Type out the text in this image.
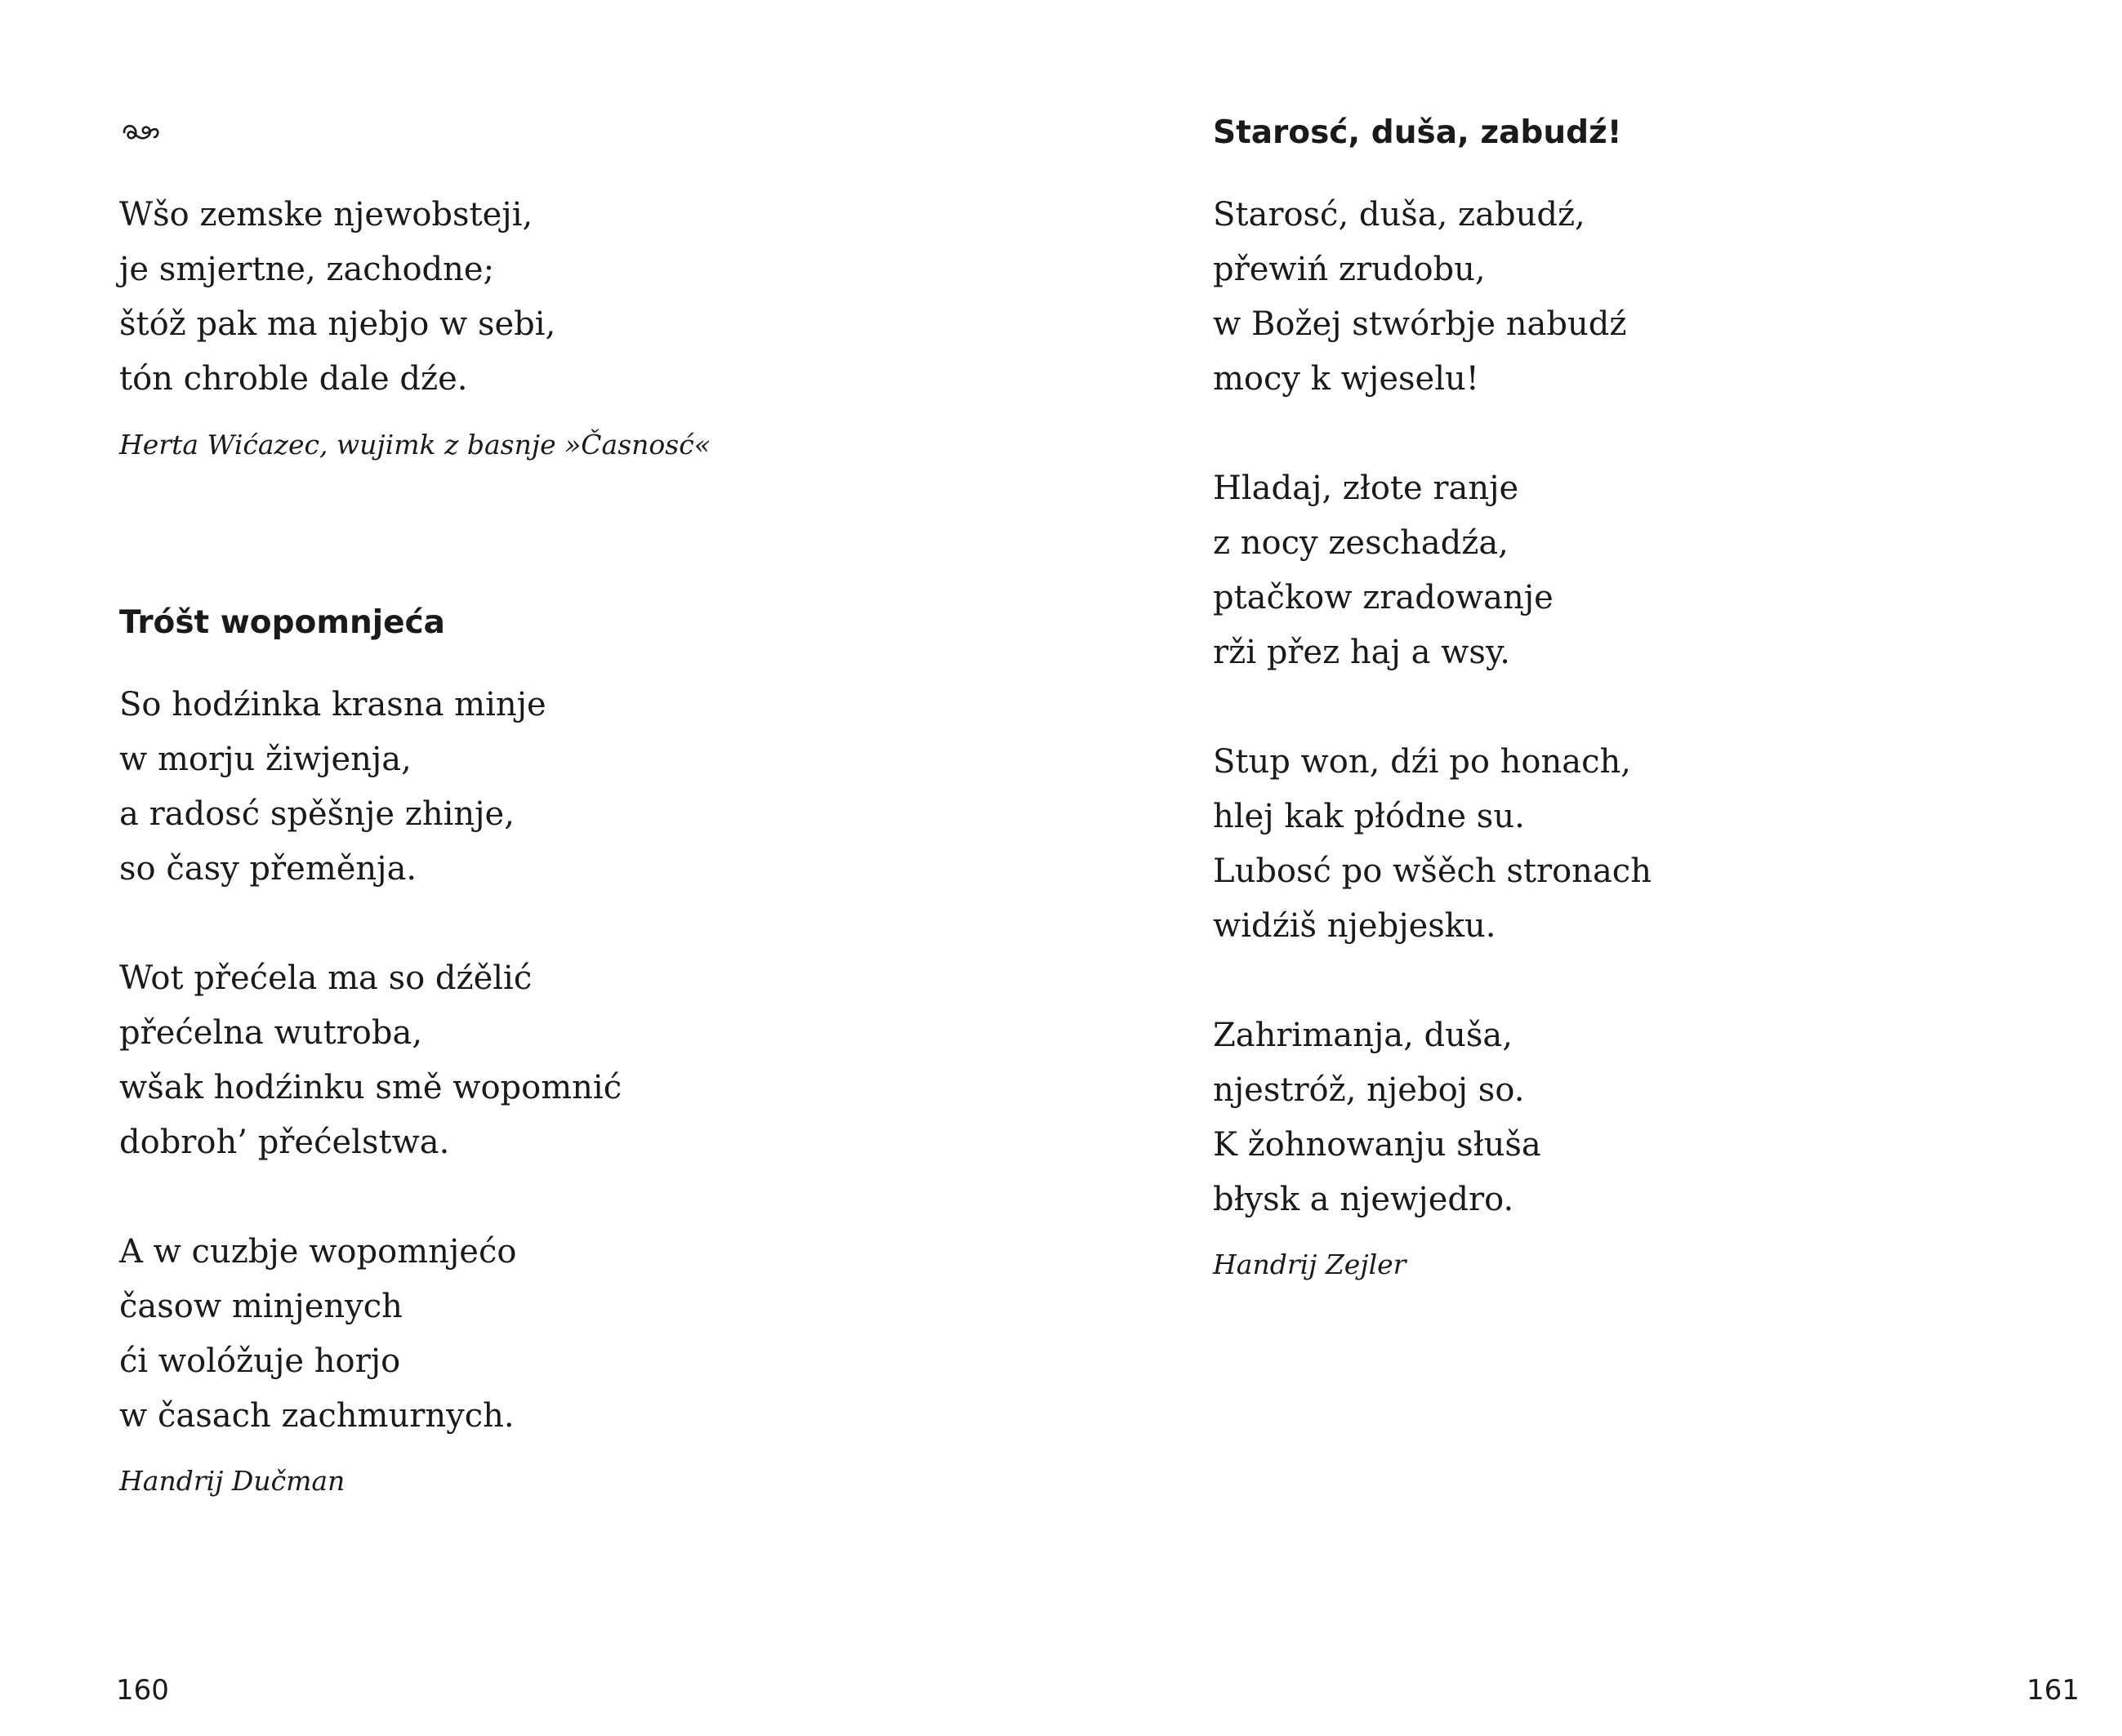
Wšo zemske njewobsteji,

je smjertne, zachodne;

štóž pak ma njebjo w sebi,

tón chroble dale dźe.

Herta Wićazec, wujimk z basnje »Časnosć«

Tróšt wopomnjeća

So hodźinka krasna minje

w morju žiwjenja,

a radosć spěšnje zhinje,

so časy přeměnja.

Wot přećela ma so dźělić

přećelna wutroba,

wšak hodźinku smě wopomnić

dobroh’ přećelstwa.

A w cuzbje wopomnjećo

časow minjenych

ći wolóžuje horjo

w časach zachmurnych.

Handrij Dučman

160

Starosć, duša, zabudź!

Starosć, duša, zabudź,

přewiń zrudobu,

w Božej stwórbje nabudź

mocy k wjeselu!

Hladaj, złote ranje

z nocy zeschadźa,

ptačkow zradowanje

rži přez haj a wsy.

Stup won, dźi po honach,

hlej kak płódne su.

Lubosć po wšěch stronach

widźiš njebjesku.

Zahrimanja, duša,

njestróž, njeboj so.

K žohnowanju słuša

błysk a njewjedro.

Handrij Zejler

161
